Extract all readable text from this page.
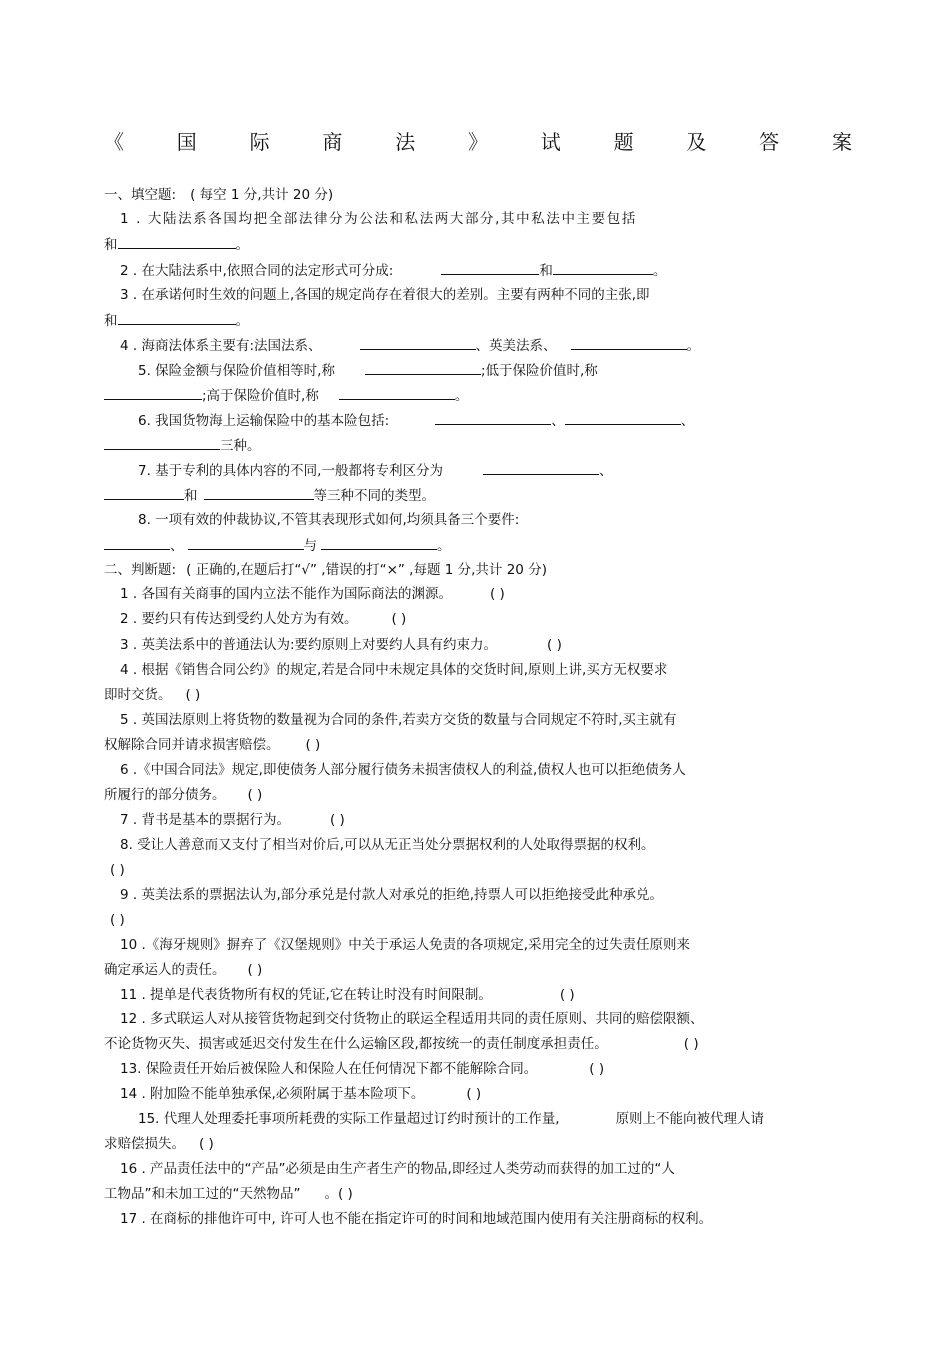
《	国	际	商	法	》	试	题	及	答	案
一、填空题: ( 每空 1 分,共计 20 分)
1 . 大陆法系各国均把全部法律分为公法和私法两大部分,其中私法中主要包括
和	。
2 . 在大陆法系中,依照合同的法定形式可分成:	和	。
3 . 在承诺何时生效的问题上,各国的规定尚存在着很大的差别。主要有两种不同的主张,即
和	。
4 . 海商法体系主要有:法国法系、	、英美法系、	。
5. 保险金额与保险价值相等时,称	;低于保险价值时,称
;高于保险价值时,称	。
6. 我国货物海上运输保险中的基本险包括:	、	、
三种。
7. 基于专利的具体内容的不同,一般都将专利区分为	、
和	等三种不同的类型。
8. 一项有效的仲裁协议,不管其表现形式如何,均须具备三个要件:
、	与	。
二、判断题: ( 正确的,在题后打“√” ,错误的打“×” ,每题 1 分,共计 20 分)
1 . 各国有关商事的国内立法不能作为国际商法的渊源。	( )
2 . 要约只有传达到受约人处方为有效。	( )
3 . 英美法系中的普通法认为:要约原则上对要约人具有约束力。	( )
4 . 根据《销售合同公约》的规定,若是合同中未规定具体的交货时间,原则上讲,买方无权要求
即时交货。 ( )
5 . 英国法原则上将货物的数量视为合同的条件,若卖方交货的数量与合同规定不符时,买主就有
权解除合同并请求损害赔偿。 ( )
6 .《中国合同法》规定,即使债务人部分履行债务未损害债权人的利益,债权人也可以拒绝债务人
所履行的部分债务。 ( )
7 . 背书是基本的票据行为。	( )
8. 受让人善意而又支付了相当对价后,可以从无正当处分票据权利的人处取得票据的权利。
( )
9 . 英美法系的票据法认为,部分承兑是付款人对承兑的拒绝,持票人可以拒绝接受此种承兑。
( )
10 .《海牙规则》摒弃了《汉堡规则》中关于承运人免责的各项规定,采用完全的过失责任原则来
确定承运人的责任。 ( )
11 . 提单是代表货物所有权的凭证,它在转让时没有时间限制。	( )
12 . 多式联运人对从接管货物起到交付货物止的联运全程适用共同的责任原则、共同的赔偿限额、
不论货物灭失、损害或延迟交付发生在什么运输区段,都按统一的责任制度承担责任。	( )
13. 保险责任开始后被保险人和保险人在任何情况下都不能解除合同。	( )
14 . 附加险不能单独承保,必须附属于基本险项下。	( )
15. 代理人处理委托事项所耗费的实际工作量超过订约时预计的工作量,	原则上不能向被代理人请
求赔偿损失。 ( )
16 . 产品责任法中的“产品”必须是由生产者生产的物品,即经过人类劳动而获得的加工过的“人
工物品”和未加工过的“天然物品” 。( )
17 . 在商标的排他许可中, 许可人也不能在指定许可的时间和地域范围内使用有关注册商标的权利。
